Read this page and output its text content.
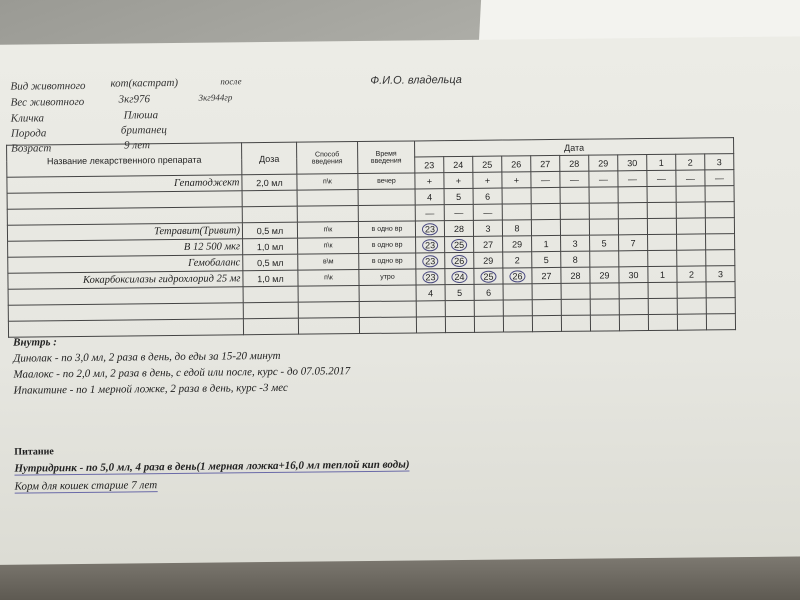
Вид животного кот(кастрат)	после
Вес животного	3кг976	3кг944гр
Кличка	Плюша
Порода	британец
Возраст	9 лет
Ф.И.О. владельца
Название лекарственного препарата	Доза	Способ введения	Время введения	Дата										
				23	24	25	26	27	28	29	30	1	2	3
Гепатоджект	2,0 мл	п\к	вечер	+	+	+	+	—	—	—	—	—	—	—
				4	5	6								
				—	—	—								
Тетравит(Тривит)	0,5 мл	п\к	в одно вр	23	28	3	8							
В 12 500 мкг	1,0 мл	п\к	в одно вр	23	25	27	29	1	3	5	7			
Гемобаланс	0,5 мл	в\м	в одно вр	23	26	29	2	5	8					
Кокарбоксилазы гидрохлорид 25 мг	1,0 мл	п\к	утро	23	24	25	26	27	28	29	30	1	2	3
				4	5	6								

Внутрь :
Динолак - по 3,0 мл, 2 раза в день, до еды за 15-20 минут
Маалокс - по 2,0 мл, 2 раза в день, с едой или после, курс - до 07.05.2017
Ипакитине - по 1 мерной ложке, 2 раза в день, курс -3 мес
Питание
Нутридринк - по 5,0 мл, 4 раза в день(1 мерная ложка+16,0 мл теплой кип воды)
Корм для кошек старше 7 лет
